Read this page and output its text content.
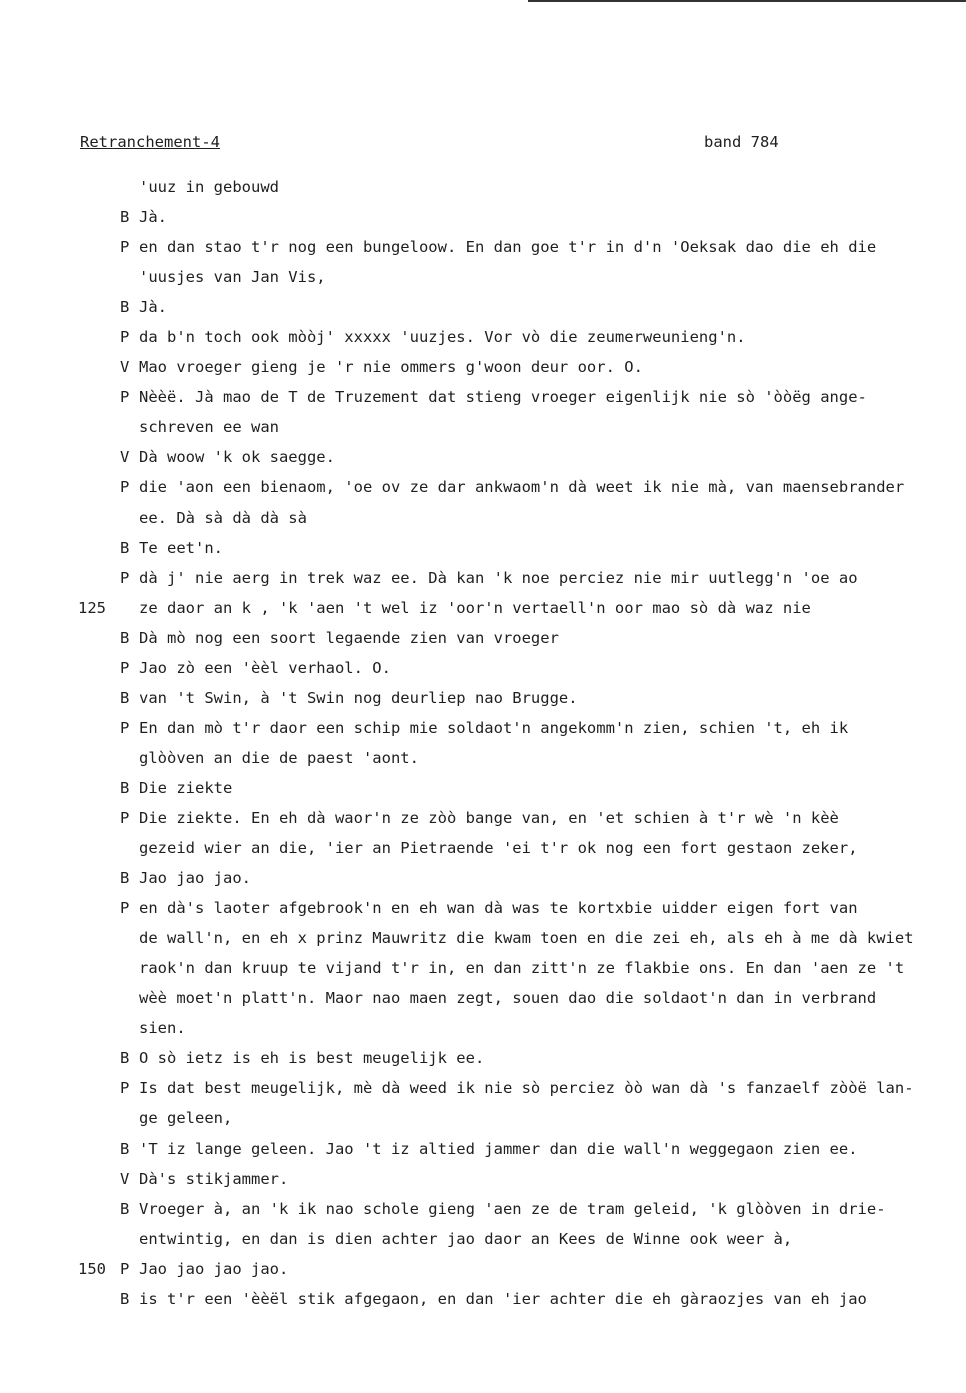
Retranchement-4	band 784
'uuz in gebouwd
B Jà.
P en dan stao t'r nog een bungeloow. En dan goe t'r in d'n 'Oeksak dao die eh die
'uusjes van Jan Vis,
B Jà.
P da b'n toch ook mòòj' xxxxx 'uuzjes. Vor vò die zeumerweunieng'n.
V Mao vroeger gieng je 'r nie ommers g'woon deur oor. O.
P Nèèë. Jà mao de T de Truzement dat stieng vroeger eigenlijk nie sò 'òòëg ange-
schreven ee wan
V Dà woow 'k ok saegge.
P die 'aon een bienaom, 'oe ov ze dar ankwaom'n dà weet ik nie mà, van maensebrander
ee. Dà sà dà dà sà
B Te eet'n.
P dà j' nie aerg in trek waz ee. Dà kan 'k noe perciez nie mir uutlegg'n 'oe ao
125 ze daor an k , 'k 'aen 't wel iz 'oor'n vertaell'n oor mao sò dà waz nie
B Dà mò nog een soort legaende zien van vroeger
P Jao zò een 'èèl verhaol. O.
B van 't Swin, à 't Swin nog deurliep nao Brugge.
P En dan mò t'r daor een schip mie soldaot'n angekomm'n zien, schien 't, eh ik
glòòven an die de paest 'aont.
B Die ziekte
P Die ziekte. En eh dà waor'n ze zòò bange van, en 'et schien à t'r wè 'n kèè
gezeid wier an die, 'ier an Pietraende 'ei t'r ok nog een fort gestaon zeker,
B Jao jao jao.
P en dà's laoter afgebrook'n en eh wan dà was te kortxbie uidder eigen fort van
de wall'n, en eh x prinz Mauwritz die kwam toen en die zei eh, als eh à me dà kwiet
raok'n dan kruup te vijand t'r in, en dan zitt'n ze flakbie ons. En dan 'aen ze 't
wèè moet'n platt'n. Maor nao maen zegt, souen dao die soldaot'n dan in verbrand
sien.
B O sò ietz is eh is best meugelijk ee.
P Is dat best meugelijk, mè dà weed ik nie sò perciez òò wan dà 's fanzaelf zòòë lan-
ge geleen,
B 'T iz lange geleen. Jao 't iz altied jammer dan die wall'n weggegaon zien ee.
V Dà's stikjammer.
B Vroeger à, an 'k ik nao schole gieng 'aen ze de tram geleid, 'k glòòven in drie-
entwintig, en dan is dien achter jao daor an Kees de Winne ook weer à,
150 P Jao jao jao jao.
B is t'r een 'èèël stik afgegaon, en dan 'ier achter die eh gàraozjes van eh jao
